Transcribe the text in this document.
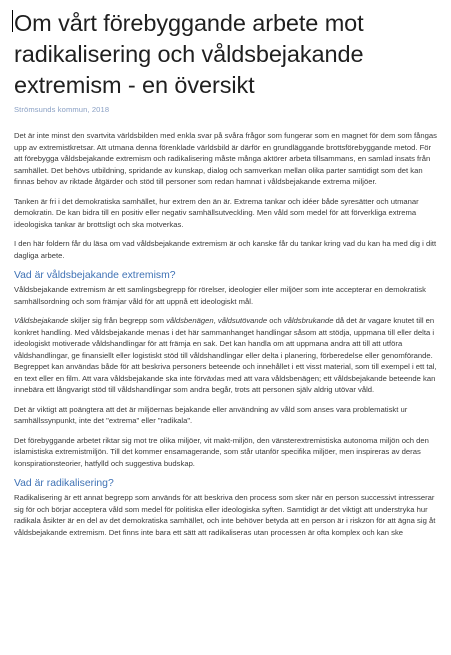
Om vårt förebyggande arbete mot radikalisering och våldsbejakande extremism - en översikt
Strömsunds kommun, 2018

Det är inte minst den svartvita världsbilden med enkla svar på svåra frågor som fungerar som en magnet för dem som fångas upp av extremistkretsar. Att utmana denna förenklade världsbild är därför en grundläggande brottsförebyggande metod. För att förebygga våldsbejakande extremism och radikalisering måste många aktörer arbeta tillsammans, en samlad insats från samhället. Det behövs utbildning, spridande av kunskap, dialog och samverkan mellan olika parter samtidigt som det kan finnas behov av riktade åtgärder och stöd till personer som redan hamnat i våldsbejakande extrema miljöer.

Tanken är fri i det demokratiska samhället, hur extrem den än är. Extrema tankar och idéer både syresätter och utmanar demokratin. De kan bidra till en positiv eller negativ samhällsutveckling. Men våld som medel för att förverkliga extrema ideologiska tankar är brottsligt och ska motverkas.

I den här foldern får du läsa om vad våldsbejakande extremism är och kanske får du tankar kring vad du kan ha med dig i ditt dagliga arbete.

Vad är våldsbejakande extremism?

Våldsbejakande extremism är ett samlingsbegrepp för rörelser, ideologier eller miljöer som inte accepterar en demokratisk samhällsordning och som främjar våld för att uppnå ett ideologiskt mål.

Våldsbejakande skiljer sig från begrepp som våldsbenägen, våldsutövande och våldsbrukande då det är vagare knutet till en konkret handling. Med våldsbejakande menas i det här sammanhanget handlingar såsom att stödja, uppmana till eller delta i ideologiskt motiverade våldshandlingar för att främja en sak. Det kan handla om att uppmana andra att till att utföra våldshandlingar, ge finansiellt eller logistiskt stöd till våldshandlingar eller delta i planering, förberedelse eller genomförande. Begreppet kan användas både för att beskriva personers beteende och innehållet i ett visst material, som till exempel i ett tal, en text eller en film. Att vara våldsbejakande ska inte förväxlas med att vara våldsbenägen; ett våldsbejakande beteende kan innebära ett långvarigt stöd till våldshandlingar som andra begår, trots att personen själv aldrig utövar våld.

Det är viktigt att poängtera att det är miljöernas bejakande eller användning av våld som anses vara problematiskt ur samhällssynpunkt, inte det "extrema" eller "radikala".

Det förebyggande arbetet riktar sig mot tre olika miljöer, vit makt-miljön, den vänsterextremistiska autonoma miljön och den islamistiska extremistmiljön. Till det kommer ensamagerande, som står utanför specifika miljöer, men inspireras av deras konspirationsteorier, hatfylld och suggestiva budskap.

Vad är radikalisering?

Radikalisering är ett annat begrepp som används för att beskriva den process som sker när en person successivt intresserar sig för och börjar acceptera våld som medel för politiska eller ideologiska syften. Samtidigt är det viktigt att understryka hur radikala åsikter är en del av det demokratiska samhället, och inte behöver betyda att en person är i riskzon för att ägna sig åt våldsbejakande extremism. Det finns inte bara ett sätt att radikaliseras utan processen är ofta komplex och kan ske
